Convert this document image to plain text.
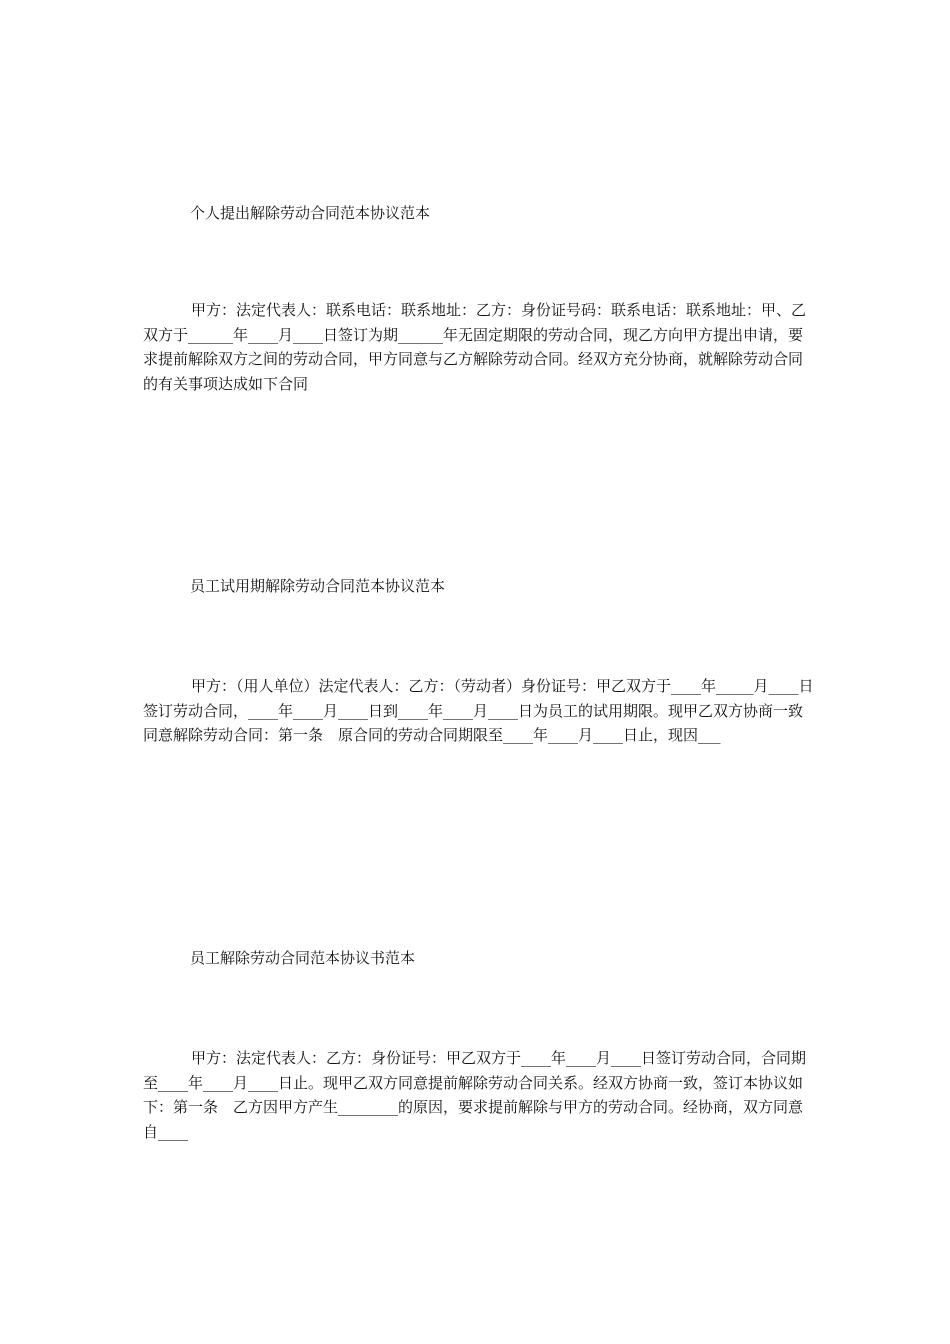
个人提出解除劳动合同范本协议范本

甲方：法定代表人：联系电话：联系地址：乙方：身份证号码：联系电话：联系地址：甲、乙双方于______年____月____日签订为期______年无固定期限的劳动合同，现乙方向甲方提出申请，要求提前解除双方之间的劳动合同，甲方同意与乙方解除劳动合同。经双方充分协商，就解除劳动合同的有关事项达成如下合同

员工试用期解除劳动合同范本协议范本

甲方：（用人单位）法定代表人：乙方：（劳动者）身份证号：甲乙双方于____年_____月____日签订劳动合同，____年____月____日到____年____月____日为员工的试用期限。现甲乙双方协商一致同意解除劳动合同：第一条　原合同的劳动合同期限至____年____月____日止，现因___

员工解除劳动合同范本协议书范本

甲方：法定代表人：乙方：身份证号：甲乙双方于____年____月____日签订劳动合同，合同期至____年____月____日止。现甲乙双方同意提前解除劳动合同关系。经双方协商一致，签订本协议如下：第一条　乙方因甲方产生________的原因，要求提前解除与甲方的劳动合同。经协商，双方同意自____
